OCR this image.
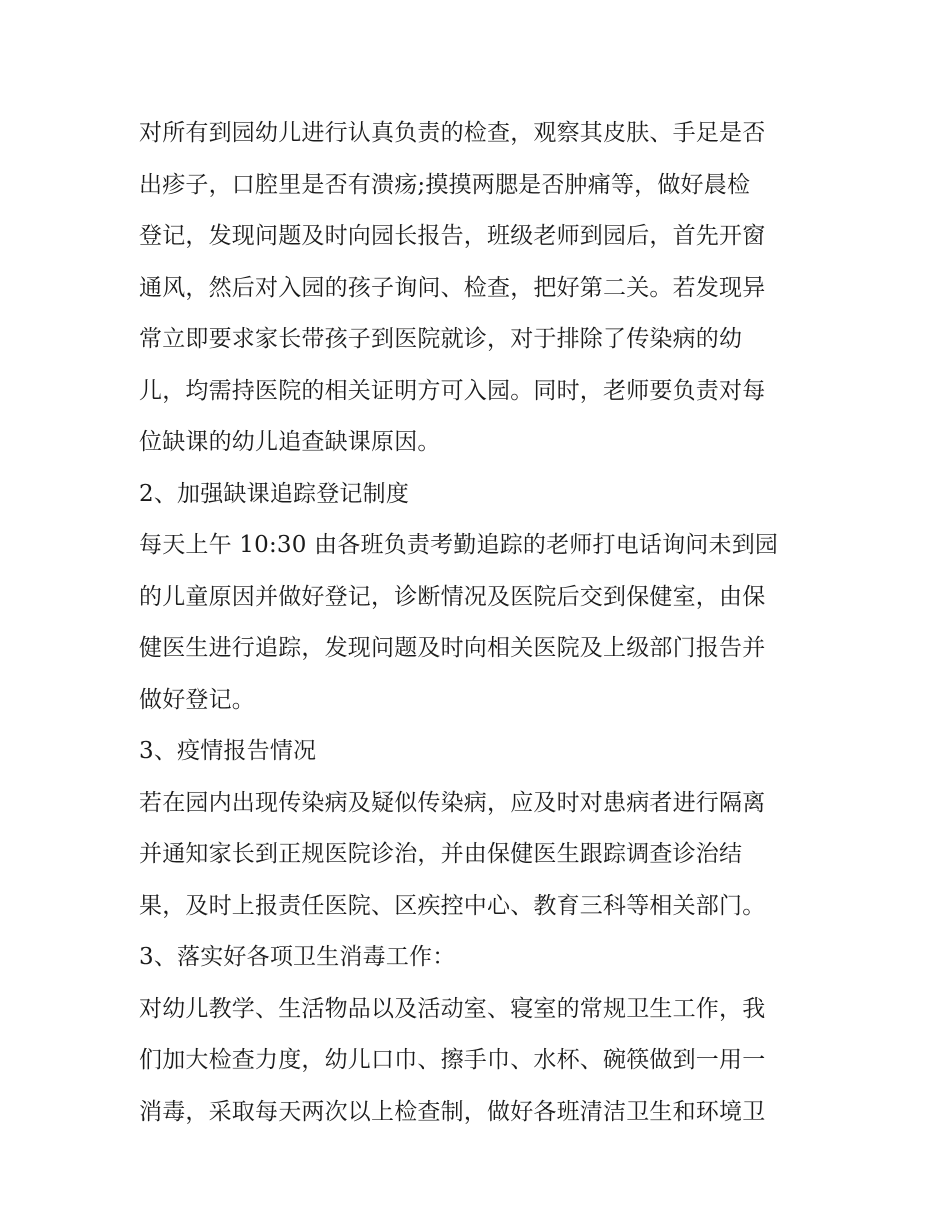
对所有到园幼儿进行认真负责的检查，观察其皮肤、手足是否
出疹子，口腔里是否有溃疡;摸摸两腮是否肿痛等，做好晨检
登记，发现问题及时向园长报告，班级老师到园后，首先开窗
通风，然后对入园的孩子询问、检查，把好第二关。若发现异
常立即要求家长带孩子到医院就诊，对于排除了传染病的幼
儿，均需持医院的相关证明方可入园。同时，老师要负责对每
位缺课的幼儿追查缺课原因。
2、加强缺课追踪登记制度
每天上午 10:30 由各班负责考勤追踪的老师打电话询问未到园
的儿童原因并做好登记，诊断情况及医院后交到保健室，由保
健医生进行追踪，发现问题及时向相关医院及上级部门报告并
做好登记。
3、疫情报告情况
若在园内出现传染病及疑似传染病，应及时对患病者进行隔离
并通知家长到正规医院诊治，并由保健医生跟踪调查诊治结
果，及时上报责任医院、区疾控中心、教育三科等相关部门。
3、落实好各项卫生消毒工作：
对幼儿教学、生活物品以及活动室、寝室的常规卫生工作，我
们加大检查力度，幼儿口巾、擦手巾、水杯、碗筷做到一用一
消毒，采取每天两次以上检查制，做好各班清洁卫生和环境卫
